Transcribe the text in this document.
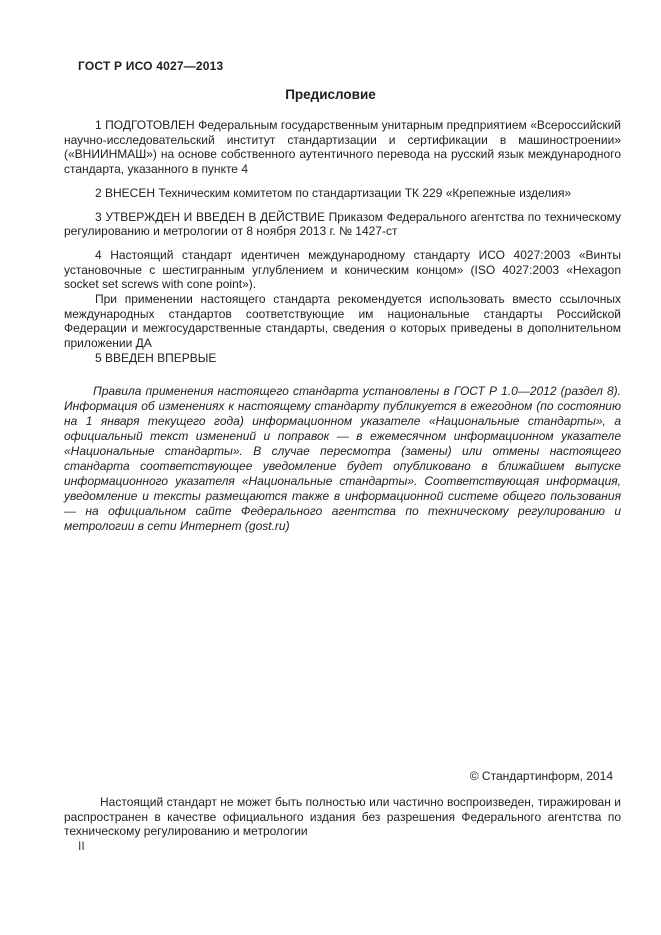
ГОСТ Р ИСО 4027—2013
Предисловие

1 ПОДГОТОВЛЕН Федеральным государственным унитарным предприятием «Всероссийский научно-исследовательский институт стандартизации и сертификации в машиностроении» («ВНИИНМАШ») на основе собственного аутентичного перевода на русский язык международного стандарта, указанного в пункте 4

2 ВНЕСЕН Техническим комитетом по стандартизации ТК 229 «Крепежные изделия»

3 УТВЕРЖДЕН И ВВЕДЕН В ДЕЙСТВИЕ Приказом Федерального агентства по техническому регулированию и метрологии от 8 ноября 2013 г. № 1427-ст

4 Настоящий стандарт идентичен международному стандарту ИСО 4027:2003 «Винты установочные с шестигранным углублением и коническим концом» (ISO 4027:2003 «Hexagon socket set screws with cone point»).

При применении настоящего стандарта рекомендуется использовать вместо ссылочных международных стандартов соответствующие им национальные стандарты Российской Федерации и межгосударственные стандарты, сведения о которых приведены в дополнительном приложении ДА

5 ВВЕДЕН ВПЕРВЫЕ

Правила применения настоящего стандарта установлены в ГОСТ Р 1.0—2012 (раздел 8). Информация об изменениях к настоящему стандарту публикуется в ежегодном (по состоянию на 1 января текущего года) информационном указателе «Национальные стандарты», а официальный текст изменений и поправок — в ежемесячном информационном указателе «Национальные стандарты». В случае пересмотра (замены) или отмены настоящего стандарта соответствующее уведомление будет опубликовано в ближайшем выпуске информационного указателя «Национальные стандарты». Соответствующая информация, уведомление и тексты размещаются также в информационной системе общего пользования — на официальном сайте Федерального агентства по техническому регулированию и метрологии в сети Интернет (gost.ru)

© Стандартинформ, 2014

Настоящий стандарт не может быть полностью или частично воспроизведен, тиражирован и распространен в качестве официального издания без разрешения Федерального агентства по техническому регулированию и метрологии

II
